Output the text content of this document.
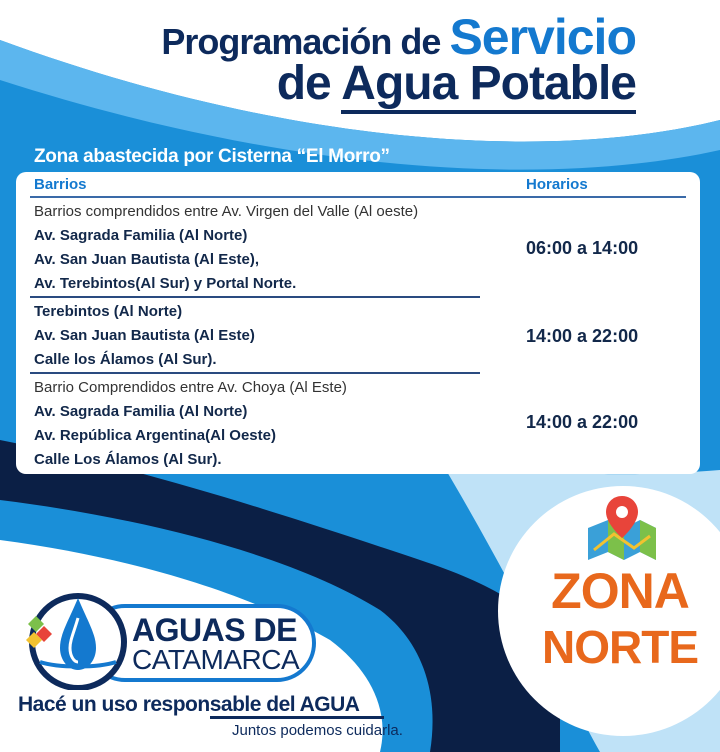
Programación de Servicio
de Agua Potable
Zona abastecida por Cisterna “El Morro”
Barrios	Horarios
Barrios comprendidos entre Av. Virgen del Valle (Al oeste)
Av. Sagrada Familia (Al Norte)
Av. San Juan Bautista (Al Este),
Av. Terebintos(Al Sur) y Portal Norte.
06:00 a 14:00
Terebintos (Al Norte)
Av. San Juan Bautista (Al Este)
Calle los Álamos (Al Sur).
14:00 a 22:00
Barrio Comprendidos entre Av. Choya (Al Este)
Av. Sagrada Familia (Al Norte)
Av. República Argentina(Al Oeste)
Calle Los Álamos (Al Sur).
14:00 a 22:00
ZONA
NORTE
AGUAS DE
CATAMARCA
Hacé un uso responsable del AGUA
Juntos podemos cuidarla.
